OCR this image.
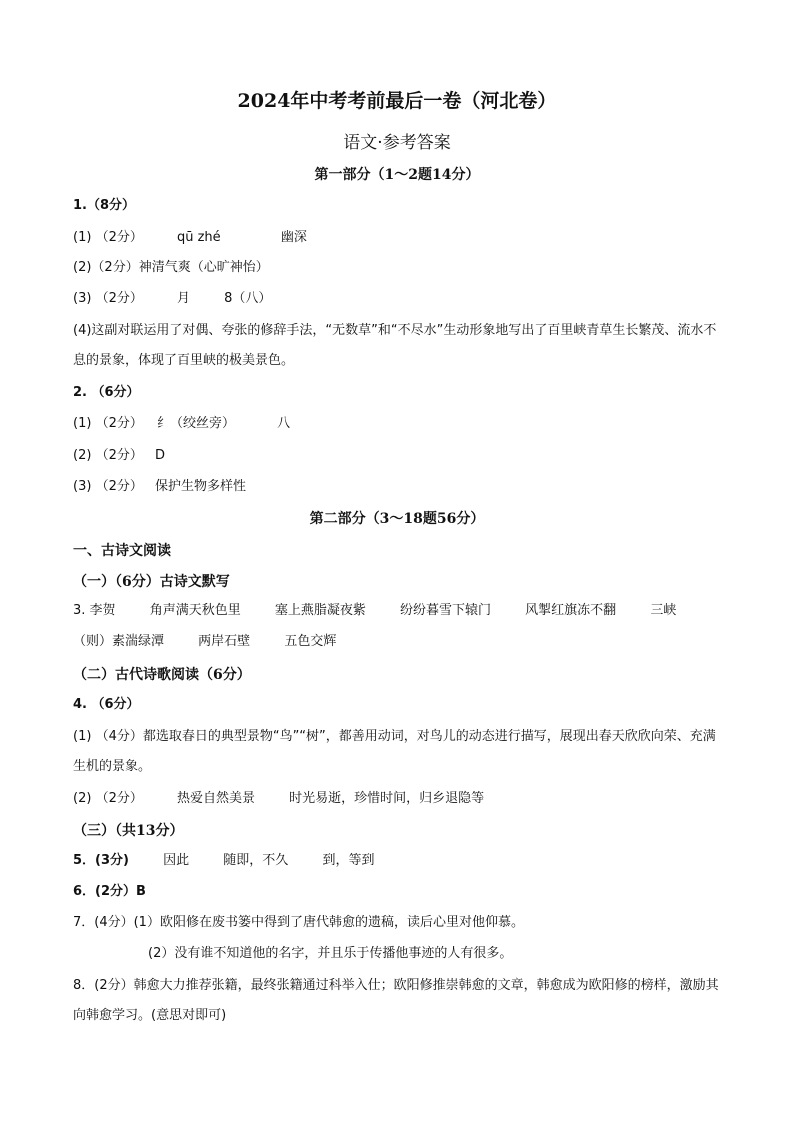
2024年中考考前最后一卷（河北卷）
语文·参考答案
第一部分（1～2题14分）
1.（8分）
(1) （2分）	qū zhé	幽深
(2)（2分）神清气爽（心旷神怡）
(3) （2分）	月	8（八）
(4)这副对联运用了对偶、夸张的修辞手法，“无数草”和“不尽水”生动形象地写出了百里峡青草生长繁茂、流水不息的景象，体现了百里峡的极美景色。
2. （6分）
(1) （2分） 纟（绞丝旁）	八
(2) （2分） D
(3) （2分） 保护生物多样性
第二部分（3～18题56分）
一、古诗文阅读
（一）（6分）古诗文默写
3. 李贺	角声满天秋色里	塞上燕脂凝夜紫	纷纷暮雪下辕门	风掣红旗冻不翻	三峡
（则）素湍绿潭	两岸石壁	五色交辉
（二）古代诗歌阅读（6分）
4. （6分）
(1) （4分）都选取春日的典型景物“鸟”“树”，都善用动词，对鸟儿的动态进行描写，展现出春天欣欣向荣、充满生机的景象。
(2) （2分）	热爱自然美景	时光易逝，珍惜时间，归乡退隐等
（三）（共13分）
5．(3分)	因此	随即，不久	到，等到
6．(2分）B
7．(4分）(1）欧阳修在废书篓中得到了唐代韩愈的遗稿，读后心里对他仰慕。
(2）没有谁不知道他的名字，并且乐于传播他事迹的人有很多。
8．(2分）韩愈大力推荐张籍，最终张籍通过科举入仕；欧阳修推崇韩愈的文章，韩愈成为欧阳修的榜样，激励其向韩愈学习。(意思对即可)
